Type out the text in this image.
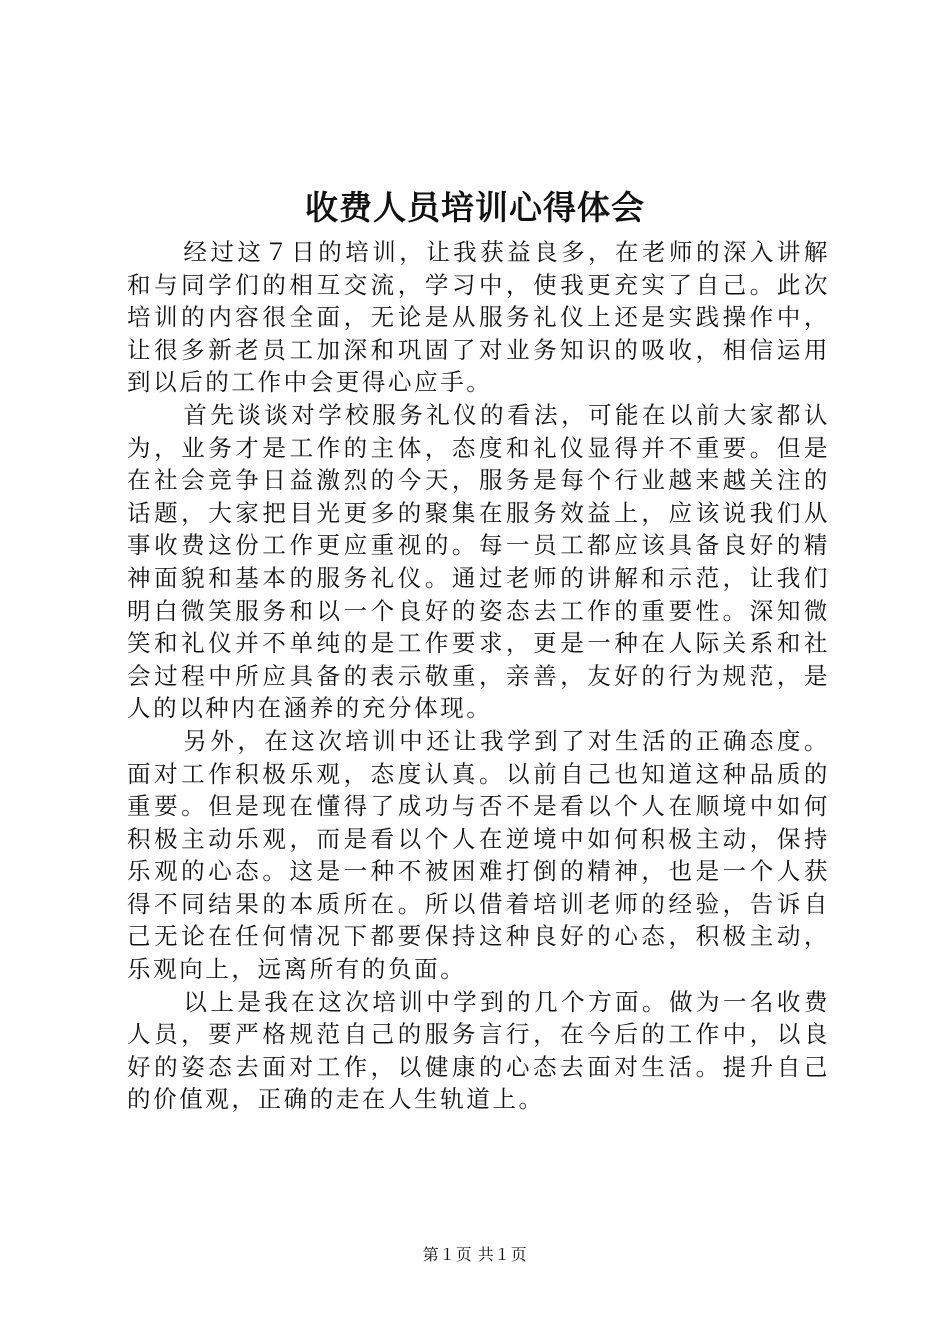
收费人员培训心得体会

经过这７日的培训，让我获益良多，在老师的深入讲解和与同学们的相互交流，学习中，使我更充实了自己。此次培训的内容很全面，无论是从服务礼仪上还是实践操作中，让很多新老员工加深和巩固了对业务知识的吸收，相信运用到以后的工作中会更得心应手。

首先谈谈对学校服务礼仪的看法，可能在以前大家都认为，业务才是工作的主体，态度和礼仪显得并不重要。但是在社会竞争日益激烈的今天，服务是每个行业越来越关注的话题，大家把目光更多的聚集在服务效益上，应该说我们从事收费这份工作更应重视的。每一员工都应该具备良好的精神面貌和基本的服务礼仪。通过老师的讲解和示范，让我们明白微笑服务和以一个良好的姿态去工作的重要性。深知微笑和礼仪并不单纯的是工作要求，更是一种在人际关系和社会过程中所应具备的表示敬重，亲善，友好的行为规范，是人的以种内在涵养的充分体现。

另外，在这次培训中还让我学到了对生活的正确态度。面对工作积极乐观，态度认真。以前自己也知道这种品质的重要。但是现在懂得了成功与否不是看以个人在顺境中如何积极主动乐观，而是看以个人在逆境中如何积极主动，保持乐观的心态。这是一种不被困难打倒的精神，也是一个人获得不同结果的本质所在。所以借着培训老师的经验，告诉自己无论在任何情况下都要保持这种良好的心态，积极主动，乐观向上，远离所有的负面。

以上是我在这次培训中学到的几个方面。做为一名收费人员，要严格规范自己的服务言行，在今后的工作中，以良好的姿态去面对工作，以健康的心态去面对生活。提升自己的价值观，正确的走在人生轨道上。

第１页 共１页
